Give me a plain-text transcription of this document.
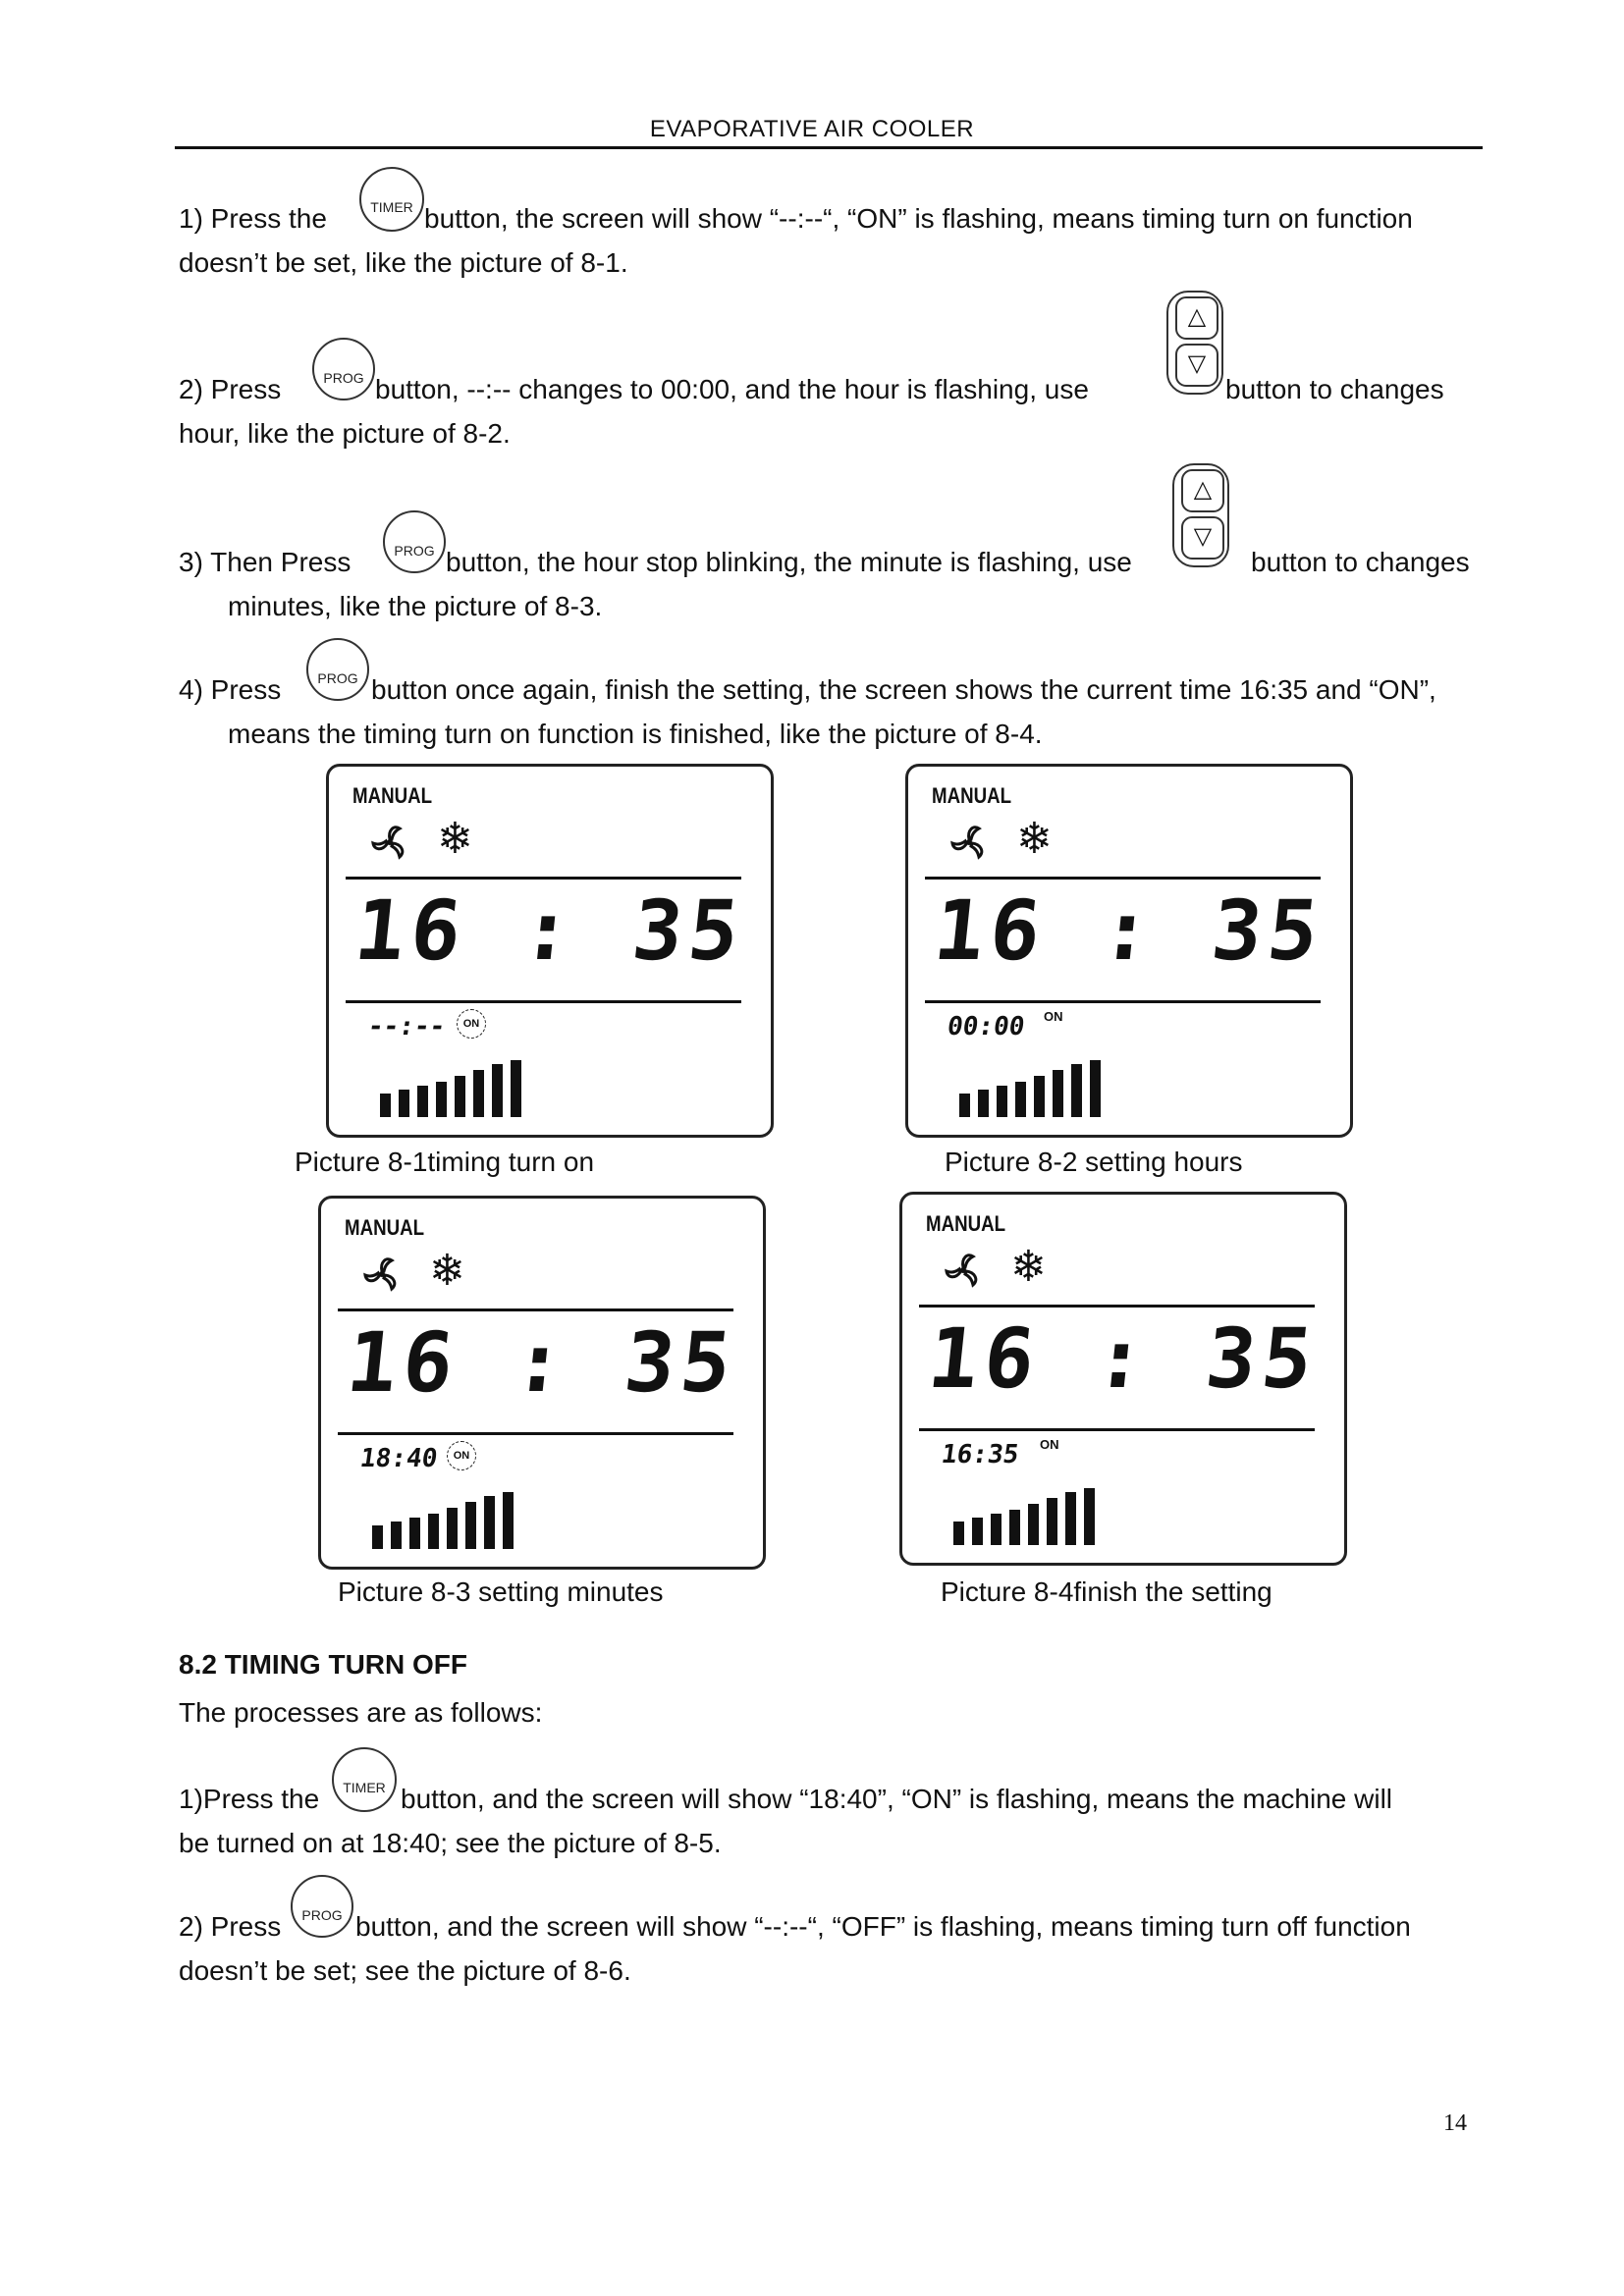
EVAPORATIVE AIR COOLER
1) Press the	TIMER button, the screen will show “--:--“, “ON” is flashing, means timing turn on function
doesn’t be set, like the picture of 8-1.
2) Press	PROG button, --:-- changes to 00:00, and the hour is flashing, use
△
▽
button to changes
hour, like the picture of 8-2.
3) Then Press	PROG button, the hour stop blinking, the minute is flashing, use
△
▽
button to changes
minutes, like the picture of 8-3.
4) Press	PROG button once again, finish the setting, the screen shows the current time 16:35 and “ON”,
means the timing turn on function is finished, like the picture of 8-4.
MANUAL
❄
16 : 35
--:--	ON
Picture 8-1timing turn on
MANUAL
❄
16 : 35
00:00 ON
Picture 8-2 setting hours
MANUAL
❄
16 : 35
18:40	ON
Picture 8-3 setting minutes
MANUAL
❄
16 : 35
16:35 ON
Picture 8-4finish the setting
8.2 TIMING TURN OFF
The processes are as follows:
1)Press the	TIMER button, and the screen will show “18:40”, “ON” is flashing, means the machine will
be turned on at 18:40; see the picture of 8-5.
2) Press	PROG button, and the screen will show “--:--“, “OFF” is flashing, means timing turn off function
doesn’t be set; see the picture of 8-6.
14
